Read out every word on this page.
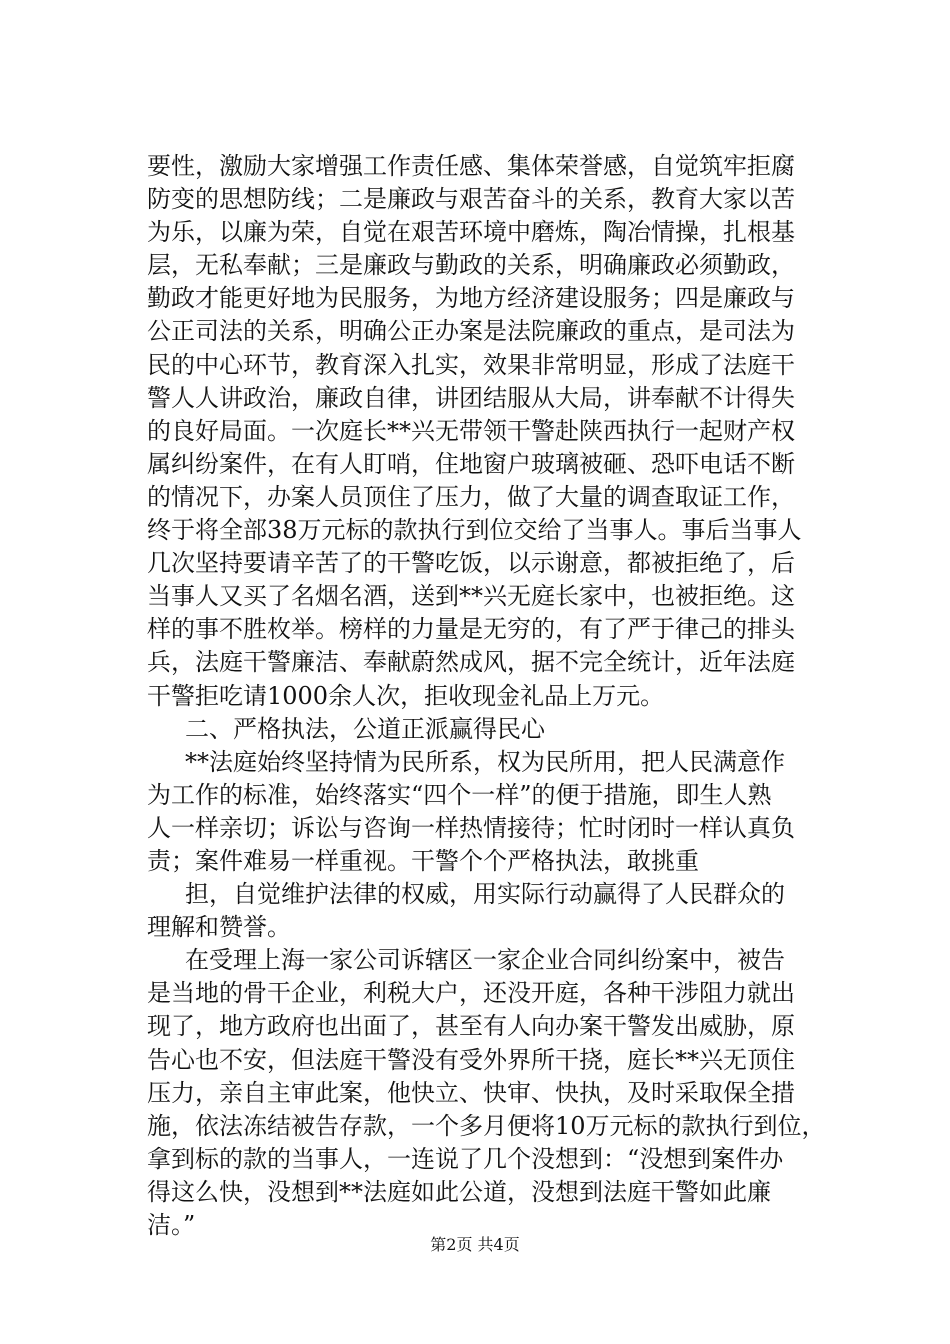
要性，激励大家增强工作责任感、集体荣誉感，自觉筑牢拒腐
防变的思想防线；二是廉政与艰苦奋斗的关系，教育大家以苦
为乐，以廉为荣，自觉在艰苦环境中磨炼，陶冶情操，扎根基
层，无私奉献；三是廉政与勤政的关系，明确廉政必须勤政，
勤政才能更好地为民服务，为地方经济建设服务；四是廉政与
公正司法的关系，明确公正办案是法院廉政的重点，是司法为
民的中心环节，教育深入扎实，效果非常明显，形成了法庭干
警人人讲政治，廉政自律，讲团结服从大局，讲奉献不计得失
的良好局面。一次庭长**兴无带领干警赴陕西执行一起财产权
属纠纷案件，在有人盯哨，住地窗户玻璃被砸、恐吓电话不断
的情况下，办案人员顶住了压力，做了大量的调查取证工作，
终于将全部38万元标的款执行到位交给了当事人。事后当事人
几次坚持要请辛苦了的干警吃饭，以示谢意，都被拒绝了，后
当事人又买了名烟名酒，送到**兴无庭长家中，也被拒绝。这
样的事不胜枚举。榜样的力量是无穷的，有了严于律己的排头
兵，法庭干警廉洁、奉献蔚然成风，据不完全统计，近年法庭
干警拒吃请1000余人次，拒收现金礼品上万元。
二、严格执法，公道正派赢得民心
**法庭始终坚持情为民所系，权为民所用，把人民满意作
为工作的标准，始终落实“四个一样”的便于措施，即生人熟
人一样亲切；诉讼与咨询一样热情接待；忙时闭时一样认真负
责；案件难易一样重视。干警个个严格执法，敢挑重
担，自觉维护法律的权威，用实际行动赢得了人民群众的
理解和赞誉。
在受理上海一家公司诉辖区一家企业合同纠纷案中，被告
是当地的骨干企业，利税大户，还没开庭，各种干涉阻力就出
现了，地方政府也出面了，甚至有人向办案干警发出威胁，原
告心也不安，但法庭干警没有受外界所干挠，庭长**兴无顶住
压力，亲自主审此案，他快立、快审、快执，及时采取保全措
施，依法冻结被告存款，一个多月便将10万元标的款执行到位，
拿到标的款的当事人，一连说了几个没想到：“没想到案件办
得这么快，没想到**法庭如此公道，没想到法庭干警如此廉
洁。”
第2页 共4页
